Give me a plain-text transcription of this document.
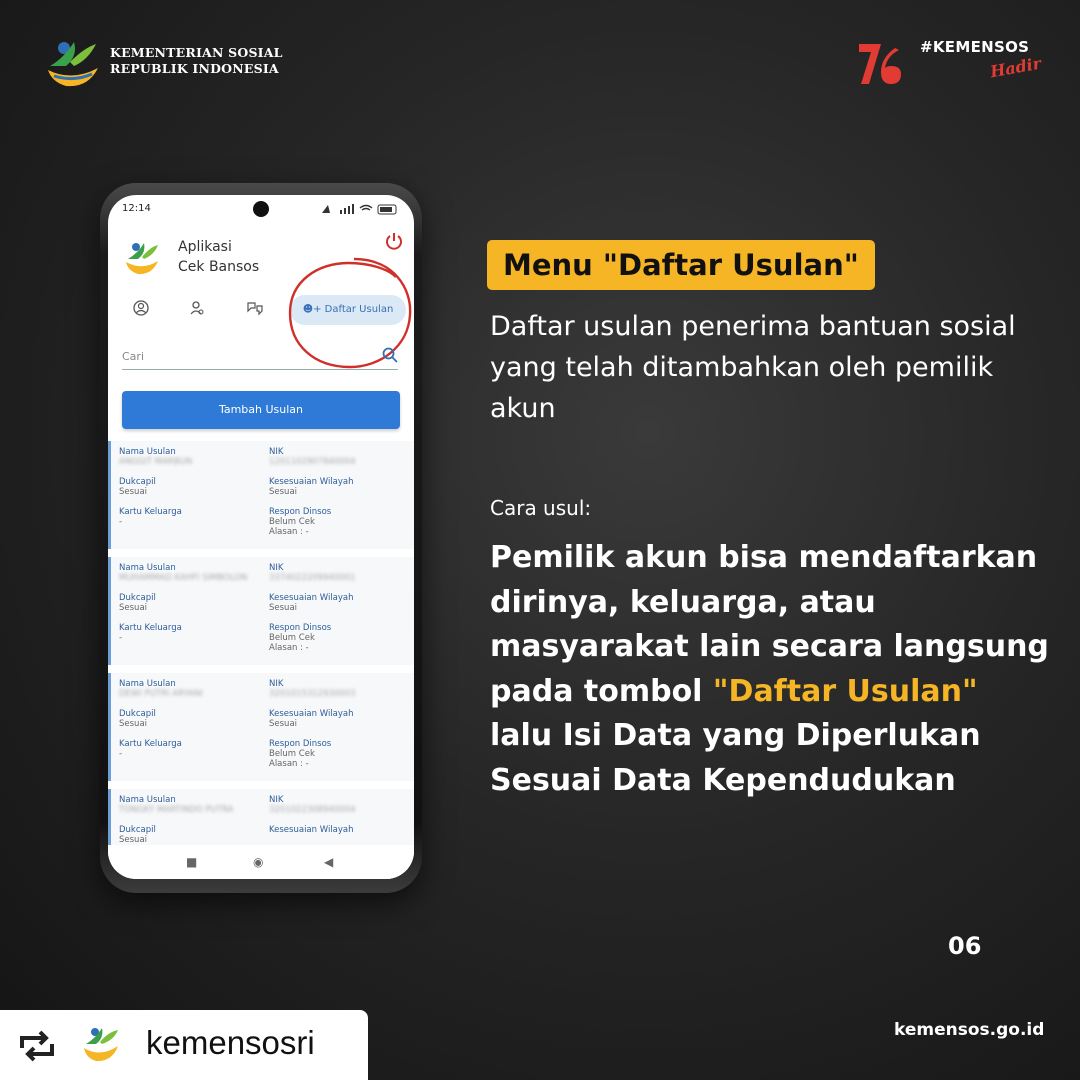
KEMENTERIAN SOSIAL
REPUBLIK INDONESIA
#KEMENSOS
Hadir
12:14
Aplikasi
Cek Bansos
☻+ Daftar Usulan
Cari
Tambah Usulan
Nama Usulan
ANGGIT MARBUN
Dukcapil
Sesuai
Kartu Keluarga
-
NIK
1201102907840004
Kesesuaian Wilayah
Sesuai
Respon Dinsos
Belum Cek
Alasan : -
Nama Usulan
MUHAMMAD KAHFI SIMBOLON
Dukcapil
Sesuai
Kartu Keluarga
-
NIK
3374022209940001
Kesesuaian Wilayah
Sesuai
Respon Dinsos
Belum Cek
Alasan : -
Nama Usulan
DEWI PUTRI ARYANI
Dukcapil
Sesuai
Kartu Keluarga
-
NIK
3201015312930003
Kesesuaian Wilayah
Sesuai
Respon Dinsos
Belum Cek
Alasan : -
Nama Usulan
TONGKY MARTINDO PUTRA
Dukcapil
Sesuai
NIK
3201022308940004
Kesesuaian Wilayah
■	◉	◀
Menu "Daftar Usulan"
Daftar usulan penerima bantuan sosial yang telah ditambahkan oleh pemilik akun
Cara usul:
Pemilik akun bisa mendaftarkan dirinya, keluarga, atau masyarakat lain secara langsung pada tombol "Daftar Usulan" lalu Isi Data yang Diperlukan Sesuai Data Kependudukan
06
kemensos.go.id
kemensosri
